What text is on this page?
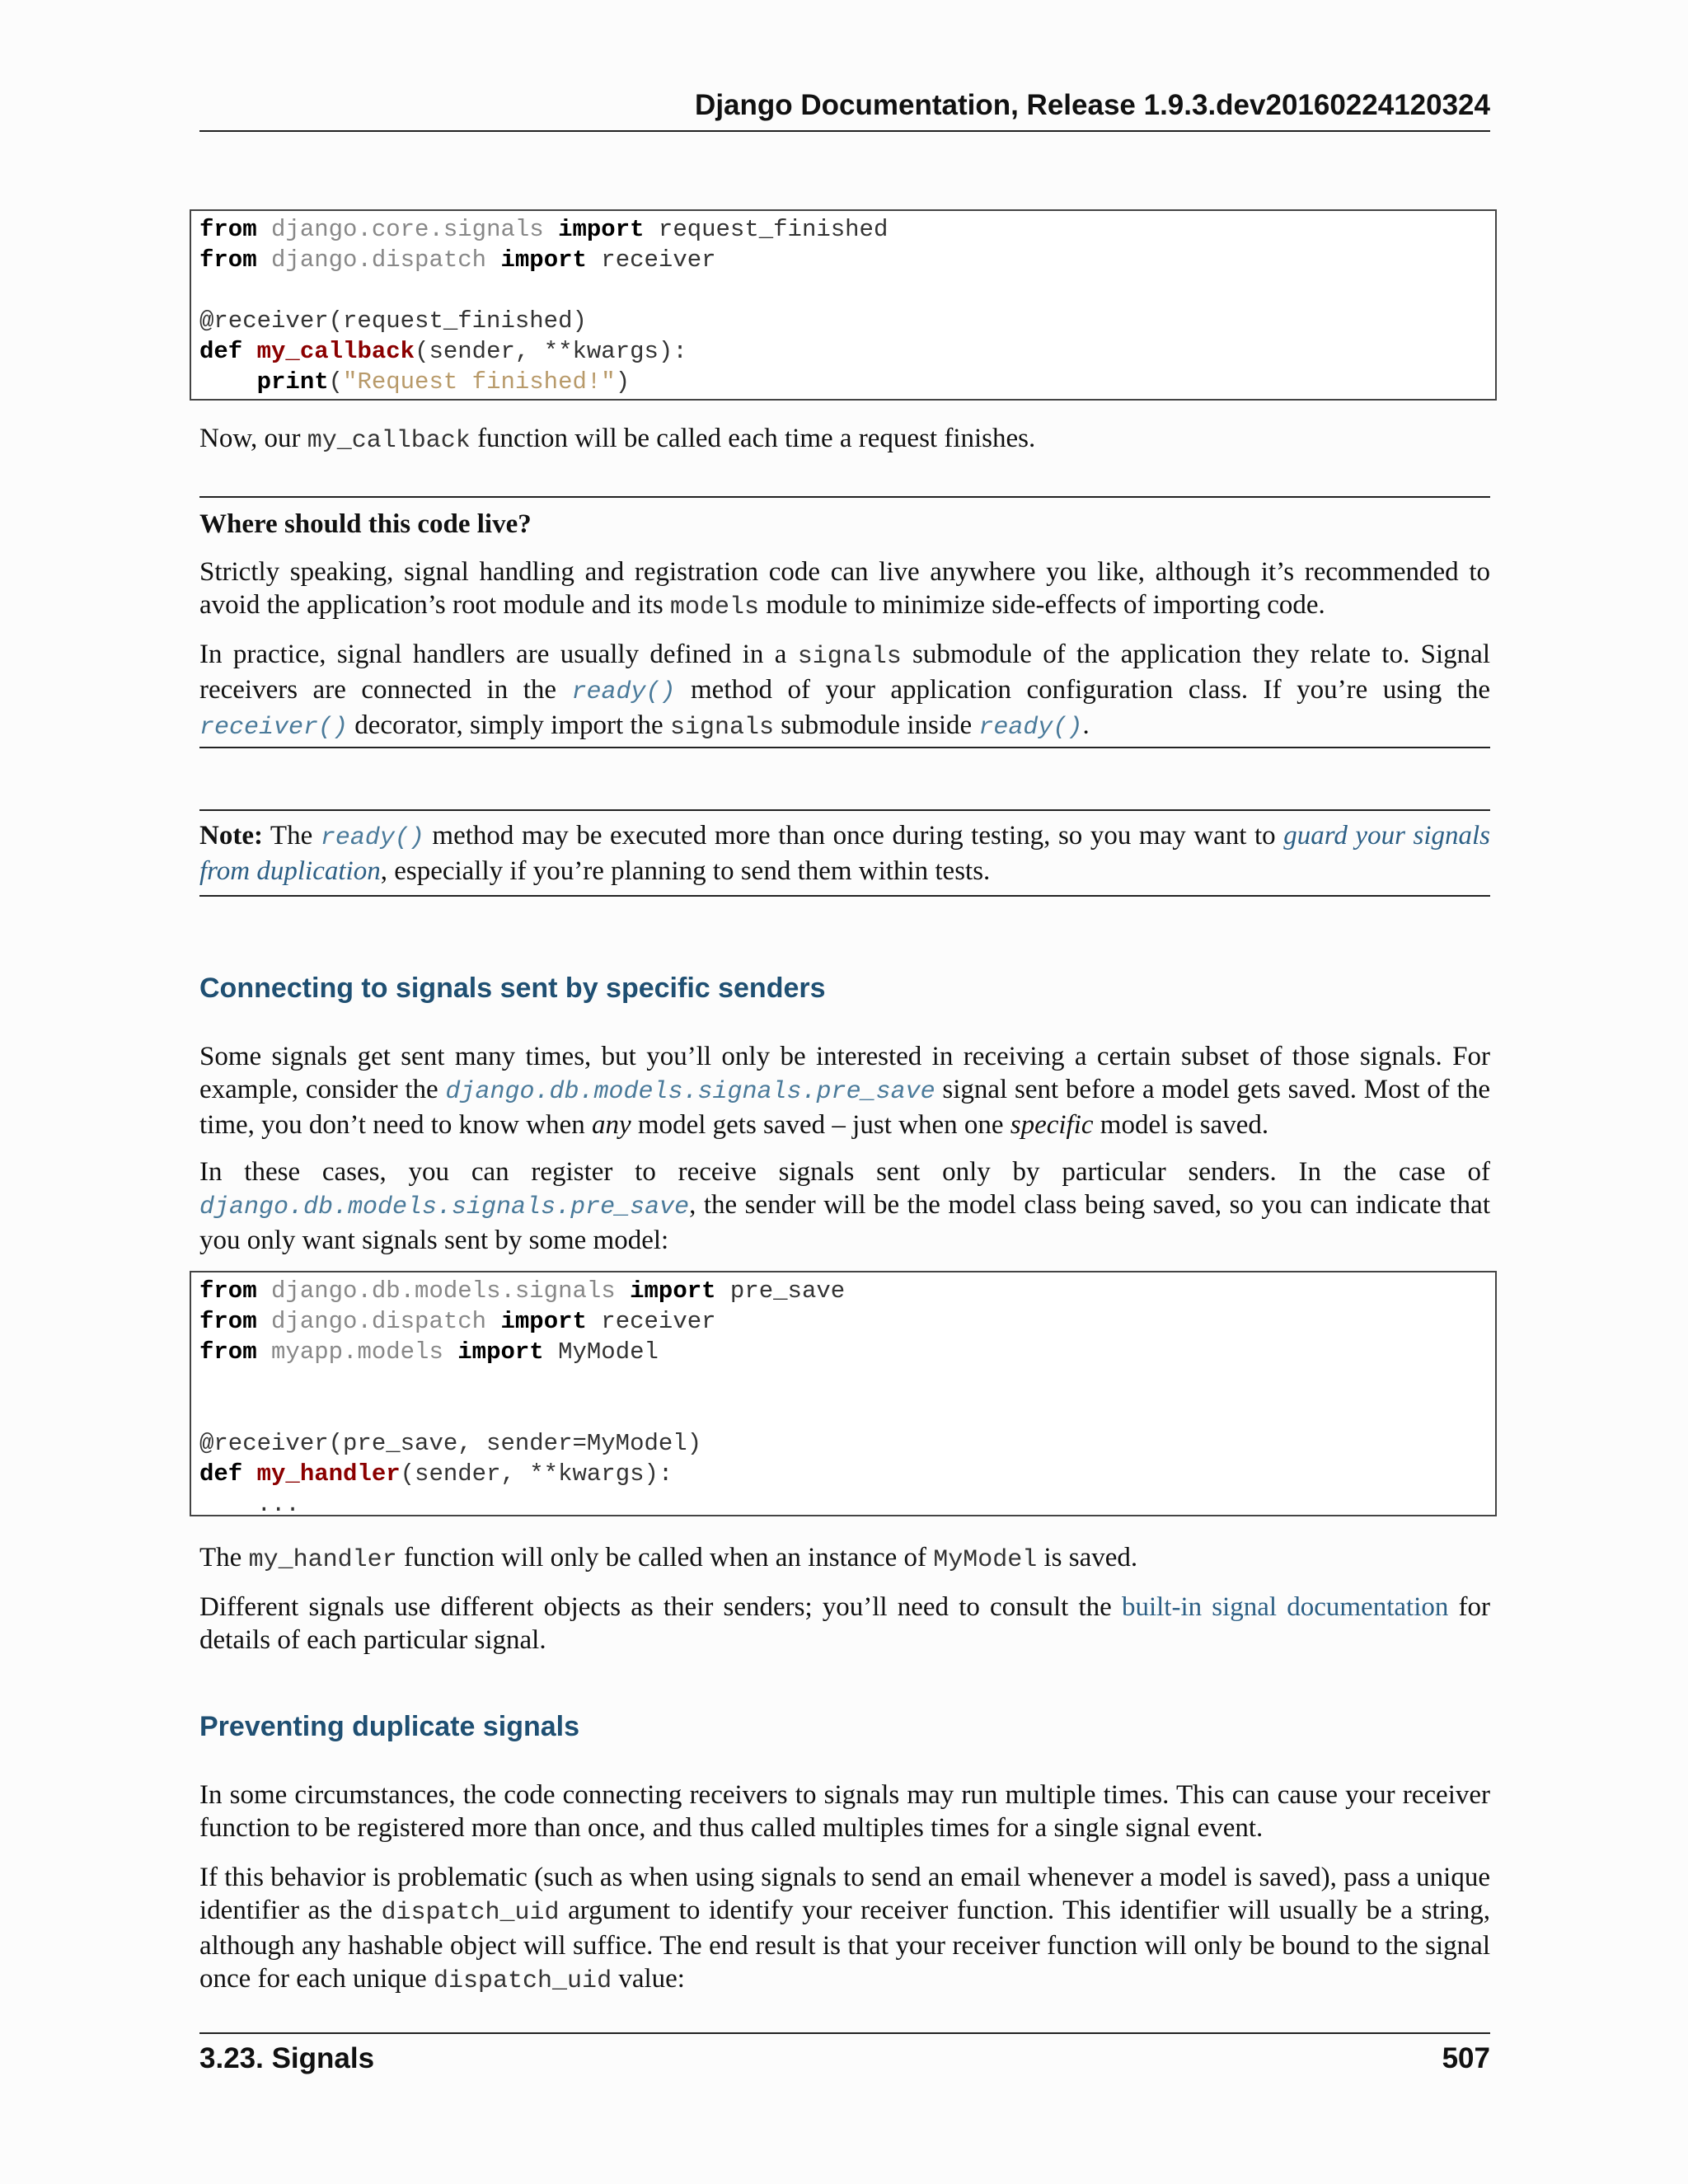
Django Documentation, Release 1.9.3.dev20160224120324
from django.core.signals import request_finished
from django.dispatch import receiver

@receiver(request_finished)
def my_callback(sender, **kwargs):
print("Request finished!")
Now, our my_callback function will be called each time a request finishes.
Where should this code live?
Strictly speaking, signal handling and registration code can live anywhere you like, although it’s recommended to avoid the application’s root module and its models module to minimize side-effects of importing code.
In practice, signal handlers are usually defined in a signals submodule of the application they relate to. Signal receivers are connected in the ready() method of your application configuration class. If you’re using the receiver() decorator, simply import the signals submodule inside ready().
Note: The ready() method may be executed more than once during testing, so you may want to guard your signals from duplication, especially if you’re planning to send them within tests.
Connecting to signals sent by specific senders
Some signals get sent many times, but you’ll only be interested in receiving a certain subset of those signals. For example, consider the django.db.models.signals.pre_save signal sent before a model gets saved. Most of the time, you don’t need to know when any model gets saved – just when one specific model is saved.
In these cases, you can register to receive signals sent only by particular senders. In the case of django.db.models.signals.pre_save, the sender will be the model class being saved, so you can indicate that you only want signals sent by some model:
from django.db.models.signals import pre_save
from django.dispatch import receiver
from myapp.models import MyModel

@receiver(pre_save, sender=MyModel)
def my_handler(sender, **kwargs):
...
The my_handler function will only be called when an instance of MyModel is saved.
Different signals use different objects as their senders; you’ll need to consult the built-in signal documentation for details of each particular signal.
Preventing duplicate signals
In some circumstances, the code connecting receivers to signals may run multiple times. This can cause your receiver function to be registered more than once, and thus called multiples times for a single signal event.
If this behavior is problematic (such as when using signals to send an email whenever a model is saved), pass a unique identifier as the dispatch_uid argument to identify your receiver function. This identifier will usually be a string, although any hashable object will suffice. The end result is that your receiver function will only be bound to the signal once for each unique dispatch_uid value:
3.23. Signals	507
